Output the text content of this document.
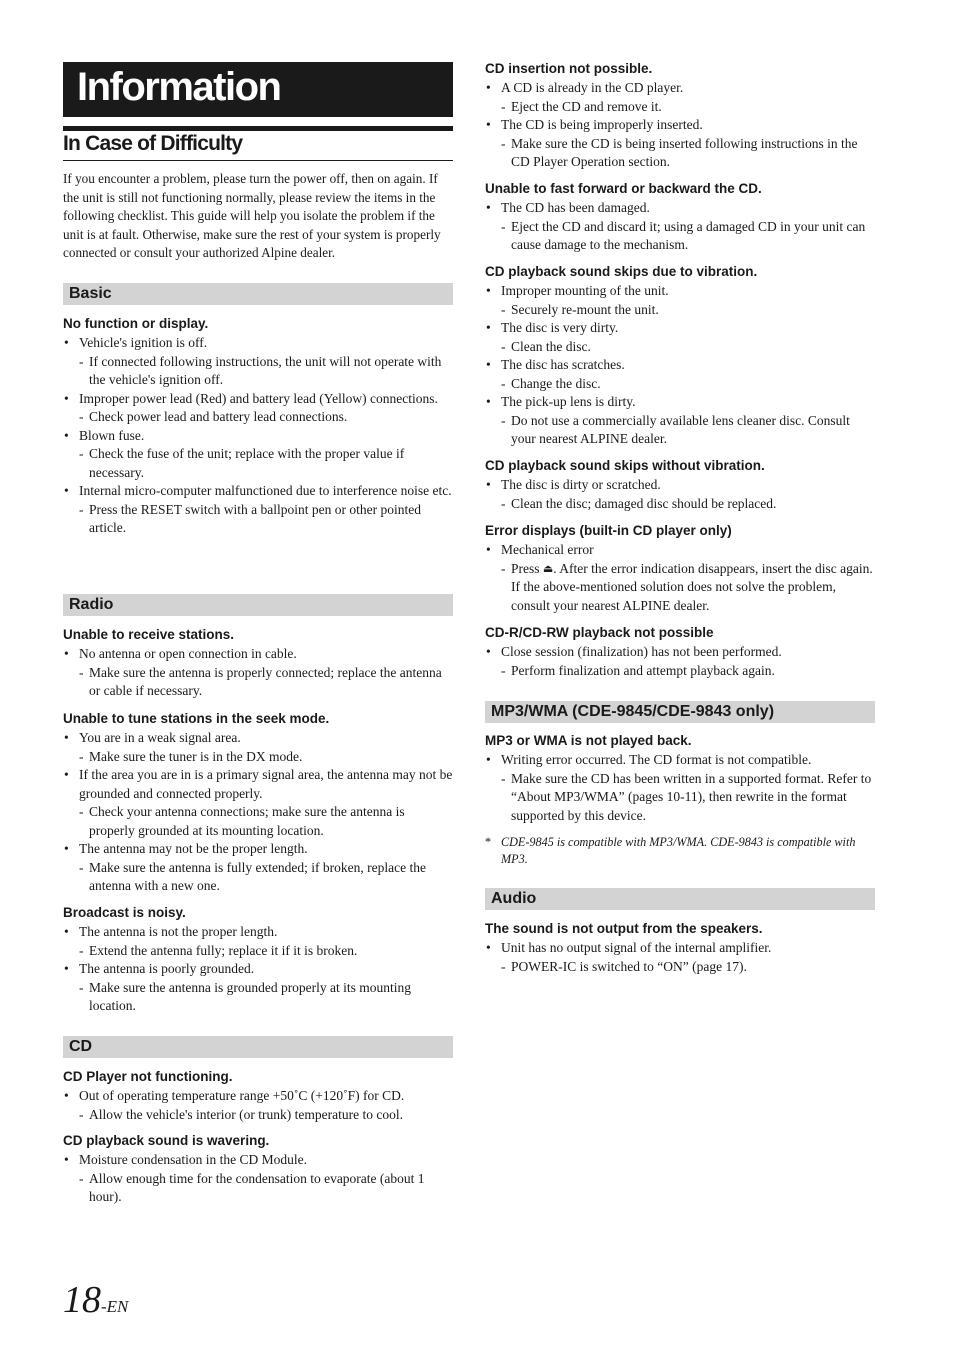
Information
In Case of Difficulty
If you encounter a problem, please turn the power off, then on again. If the unit is still not functioning normally, please review the items in the following checklist. This guide will help you isolate the problem if the unit is at fault. Otherwise, make sure the rest of your system is properly connected or consult your authorized Alpine dealer.
Basic
No function or display.
• Vehicle's ignition is off.
- If connected following instructions, the unit will not operate with the vehicle's ignition off.
• Improper power lead (Red) and battery lead (Yellow) connections.
- Check power lead and battery lead connections.
• Blown fuse.
- Check the fuse of the unit; replace with the proper value if necessary.
• Internal micro-computer malfunctioned due to interference noise etc.
- Press the RESET switch with a ballpoint pen or other pointed article.
Radio
Unable to receive stations.
• No antenna or open connection in cable.
- Make sure the antenna is properly connected; replace the antenna or cable if necessary.
Unable to tune stations in the seek mode.
• You are in a weak signal area.
- Make sure the tuner is in the DX mode.
• If the area you are in is a primary signal area, the antenna may not be grounded and connected properly.
- Check your antenna connections; make sure the antenna is properly grounded at its mounting location.
• The antenna may not be the proper length.
- Make sure the antenna is fully extended; if broken, replace the antenna with a new one.
Broadcast is noisy.
• The antenna is not the proper length.
- Extend the antenna fully; replace it if it is broken.
• The antenna is poorly grounded.
- Make sure the antenna is grounded properly at its mounting location.
CD
CD Player not functioning.
• Out of operating temperature range +50˚C (+120˚F) for CD.
- Allow the vehicle's interior (or trunk) temperature to cool.
CD playback sound is wavering.
• Moisture condensation in the CD Module.
- Allow enough time for the condensation to evaporate (about 1 hour).
CD insertion not possible.
• A CD is already in the CD player.
- Eject the CD and remove it.
• The CD is being improperly inserted.
- Make sure the CD is being inserted following instructions in the CD Player Operation section.
Unable to fast forward or backward the CD.
• The CD has been damaged.
- Eject the CD and discard it; using a damaged CD in your unit can cause damage to the mechanism.
CD playback sound skips due to vibration.
• Improper mounting of the unit.
- Securely re-mount the unit.
• The disc is very dirty.
- Clean the disc.
• The disc has scratches.
- Change the disc.
• The pick-up lens is dirty.
- Do not use a commercially available lens cleaner disc. Consult your nearest ALPINE dealer.
CD playback sound skips without vibration.
• The disc is dirty or scratched.
- Clean the disc; damaged disc should be replaced.
Error displays (built-in CD player only)
• Mechanical error
- Press ⏏. After the error indication disappears, insert the disc again. If the above-mentioned solution does not solve the problem, consult your nearest ALPINE dealer.
CD-R/CD-RW playback not possible
• Close session (finalization) has not been performed.
- Perform finalization and attempt playback again.
MP3/WMA (CDE-9845/CDE-9843 only)
MP3 or WMA is not played back.
• Writing error occurred. The CD format is not compatible.
- Make sure the CD has been written in a supported format. Refer to “About MP3/WMA” (pages 10-11), then rewrite in the format supported by this device.
* CDE-9845 is compatible with MP3/WMA. CDE-9843 is compatible with MP3.
Audio
The sound is not output from the speakers.
• Unit has no output signal of the internal amplifier.
- POWER-IC is switched to “ON” (page 17).
18-EN
